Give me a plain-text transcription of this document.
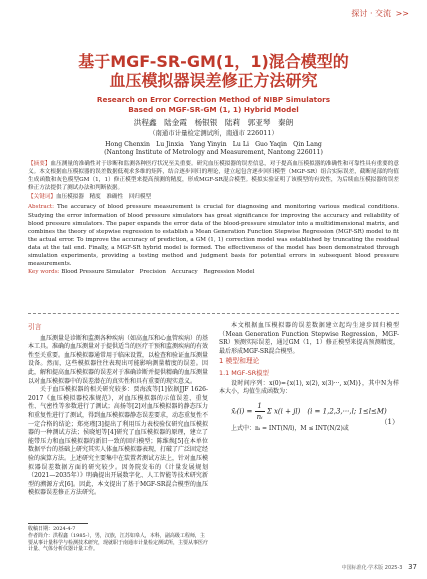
探讨 · 交流 >>
基于MGF-SR-GM(1，1)混合模型的
血压模拟器误差修正方法研究
Research on Error Correction Method of NIBP Simulators
Based on MGF-SR-GM (1, 1) Hybrid Model
洪程鑫　陆金霞　杨银银　陆莉　郭亚琴　秦朗
（南通市计量检定测试所，南通市 226011）
Hong Chenxin　Lu Jinxia　Yang Yinyin　Lu Li　Guo Yaqin　Qin Lang
(Nantong Institute of Metrology and Measurement, Nantong 226011)
【摘要】血压测量的准确性对于诊断和监测各种医疗状况至关重要。研究血压模拟器的误差信息，对于提高血压模拟器的准确性和可靠性具有重要的意义。本文根据血压模拟器的误差数据低观求多维的矩阵，结合逐步回归的理论，建立起包含逐步回归模型（MGF-SR）组合实际误差，截断尾部的均值生成函数和灰色模型GM（1，1）修正模型来提高预测的精度，形成MGF-SR混合模型。模拟实验证明了该模型的有效性，为后续血压模拟器的误差修正方法提供了测试办法和判断依据。
【关键词】血压模拟器　精度　准确性　回归模型
Abstract: The accuracy of blood pressure measurement is crucial for diagnosing and monitoring various medical conditions. Studying the error information of blood pressure simulators has great significance for improving the accuracy and reliability of blood pressure simulators. The paper expands the error data of the blood-pressure simulator into a multidimensional matrix, and combines the theory of stepwise regression to establish a Mean Generation Function Stepwise Regression (MGF-SR) model to fit the actual error. To improve the accuracy of prediction, a GM (1, 1) correction model was established by truncating the residual data at the tail end. Finally, a MGF-SR hybrid model is formed. The effectiveness of the model has been demonstrated through simulation experiments, providing a testing method and judgment basis for potential errors in subsequent blood pressure measurements.
Key words: Blood Pressure Simulator　Precision　Accuracy　Regression Model
引言

血压测量是诊断和监测各种疾病（如高血压和心血管疾病）的基本工具。准确的血压测量对于提供适当的医疗干预和监测疾病的有效性至关重要。血压模拟器通常用于临床设置，以检查和验证血压测量设备。然而，这些模拟器往往表现出可能影响测量精度的误差。因此，解和提高血压模拟器的误差对于准确诊断并提供精确的血压测量以对血压模拟器中的误差潜在的真实性和具有重要的现实意义。

关于血压模拟器的相关研究较多：贾海波等[1]依据JJF 1626-2017《血压模拟器校准规范》，对血压模拟器的示值误差、重复性、气密性等参数进行了测试；高扬等[2]对血压模拟器的静态压力和重复性进行了测试，得到血压模拟器静态误差要求，动态重复性不一定合格的结论；郑亮瑾[3]提出了利用压力表校验仪研究血压模拟器的一种测试方法；侯晓旭等[4]研究了血压模拟器的原理，建立了能带压力和血压模拟器的新旧一致的回归模型；陈维焕[5]在本单位数据平台的基础上研究其实人体血压模拟器表现，打破了广泛固定经验的演算方法。上述研究主要集中在装置者测试方法上，针对血压模拟器误差数据方面的研究较少。因务院发布的《计量发展规划（2021—2035年）》明确提出开展数字化、人工智能等技术研究新型的溯源方式[6]。因此，本文提出了基于MGF-SR混合模型的血压模拟器误差修正方法研究。

本文根据血压模拟器的误差数据建立起均生速步回归模型（Mean Generation Function Stepwise Regression，MGF-SR）预测实际误差，通过GM（1，1）修正模型来提高预测精度，最后形成MGF-SR混合模型。

1 模型和理论
1.1 MGF-SR模型

设时间序列：x(0)={x(1), x(2), x(3)···, x(M)}，其中N为样本大小，均值生成函数为：

x̄ᵢ(i) = $\frac{1}{\text{nᵢ}}$ Σ x(i + jl)　(i = 1,2,3,···,l; 1≤l≤M)
（1）

上式中：nᵢ = INT(N/l)，M ≤ INT(N/2)或

收稿日期：2024-4-7
作者简介：洪程鑫（1985-），男，汉族，江苏如皋人，本科，副高级工程师，主要从事计量科学与检测技术研究，现就职于南通市计量检定测试所，主要从事医疗计量、气体分析仪器计量工作。
中国标准化·学术版 2025-3 37
